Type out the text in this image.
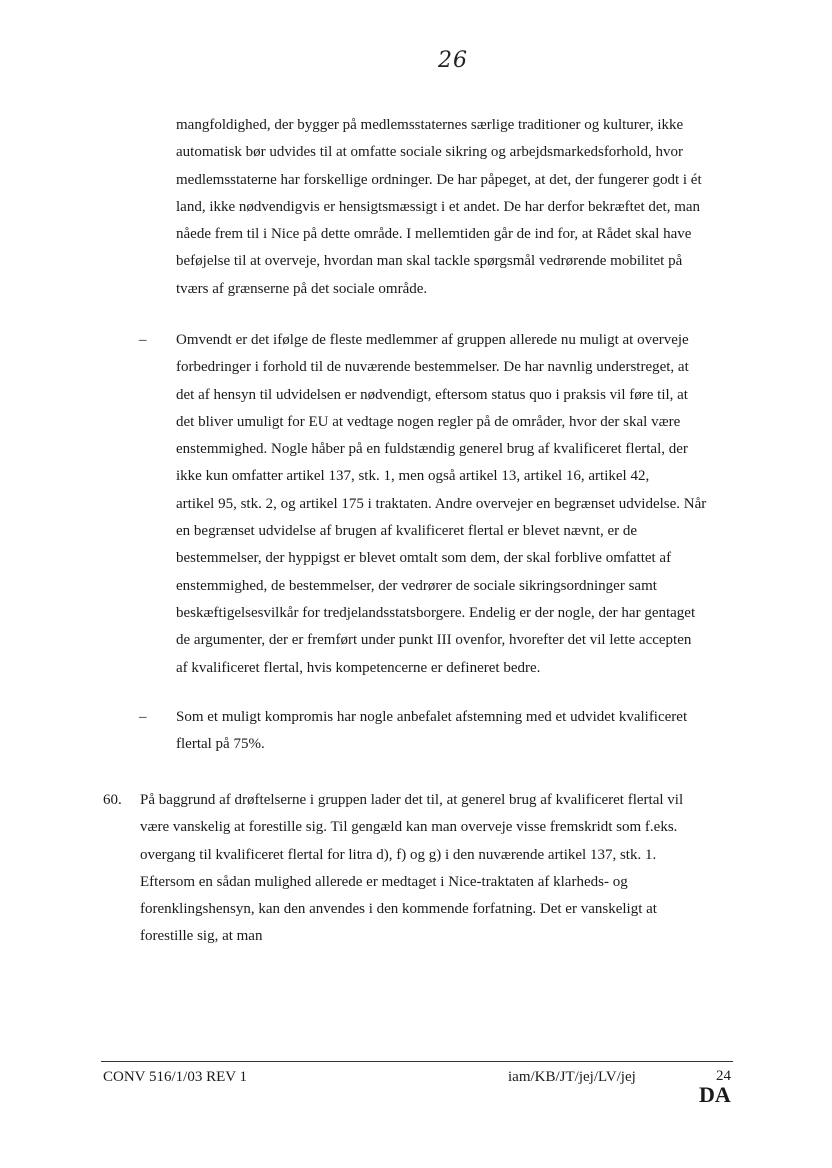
26
mangfoldighed, der bygger på medlemsstaternes særlige traditioner og kulturer, ikke
automatisk bør udvides til at omfatte sociale sikring og arbejdsmarkedsforhold, hvor
medlemsstaterne har forskellige ordninger. De har påpeget, at det, der fungerer godt i ét
land, ikke nødvendigvis er hensigtsmæssigt i et andet. De har derfor bekræftet det, man
nåede frem til i Nice på dette område. I mellemtiden går de ind for, at Rådet skal have
beføjelse til at overveje, hvordan man skal tackle spørgsmål vedrørende mobilitet på
tværs af grænserne på det sociale område.
– Omvendt er det ifølge de fleste medlemmer af gruppen allerede nu muligt at overveje
forbedringer i forhold til de nuværende bestemmelser. De har navnlig understreget, at
det af hensyn til udvidelsen er nødvendigt, eftersom status quo i praksis vil føre til, at
det bliver umuligt for EU at vedtage nogen regler på de områder, hvor der skal være
enstemmighed. Nogle håber på en fuldstændig generel brug af kvalificeret flertal, der
ikke kun omfatter artikel 137, stk. 1, men også artikel 13, artikel 16, artikel 42,
artikel 95, stk. 2, og artikel 175 i traktaten. Andre overvejer en begrænset udvidelse. Når
en begrænset udvidelse af brugen af kvalificeret flertal er blevet nævnt, er de
bestemmelser, der hyppigst er blevet omtalt som dem, der skal forblive omfattet af
enstemmighed, de bestemmelser, der vedrører de sociale sikringsordninger samt
beskæftigelsesvilkår for tredjelandsstatsborgere. Endelig er der nogle, der har gentaget
de argumenter, der er fremført under punkt III ovenfor, hvorefter det vil lette accepten
af kvalificeret flertal, hvis kompetencerne er defineret bedre.
– Som et muligt kompromis har nogle anbefalet afstemning med et udvidet kvalificeret
flertal på 75%.
60. På baggrund af drøftelserne i gruppen lader det til, at generel brug af kvalificeret flertal vil
være vanskelig at forestille sig. Til gengæld kan man overveje visse fremskridt som f.eks.
overgang til kvalificeret flertal for litra d), f) og g) i den nuværende artikel 137, stk. 1.
Eftersom en sådan mulighed allerede er medtaget i Nice-traktaten af klarheds- og
forenklingshensyn, kan den anvendes i den kommende forfatning. Det er vanskeligt at
forestille sig, at man
CONV 516/1/03 REV 1	iam/KB/JT/jej/LV/jej	24
DA
